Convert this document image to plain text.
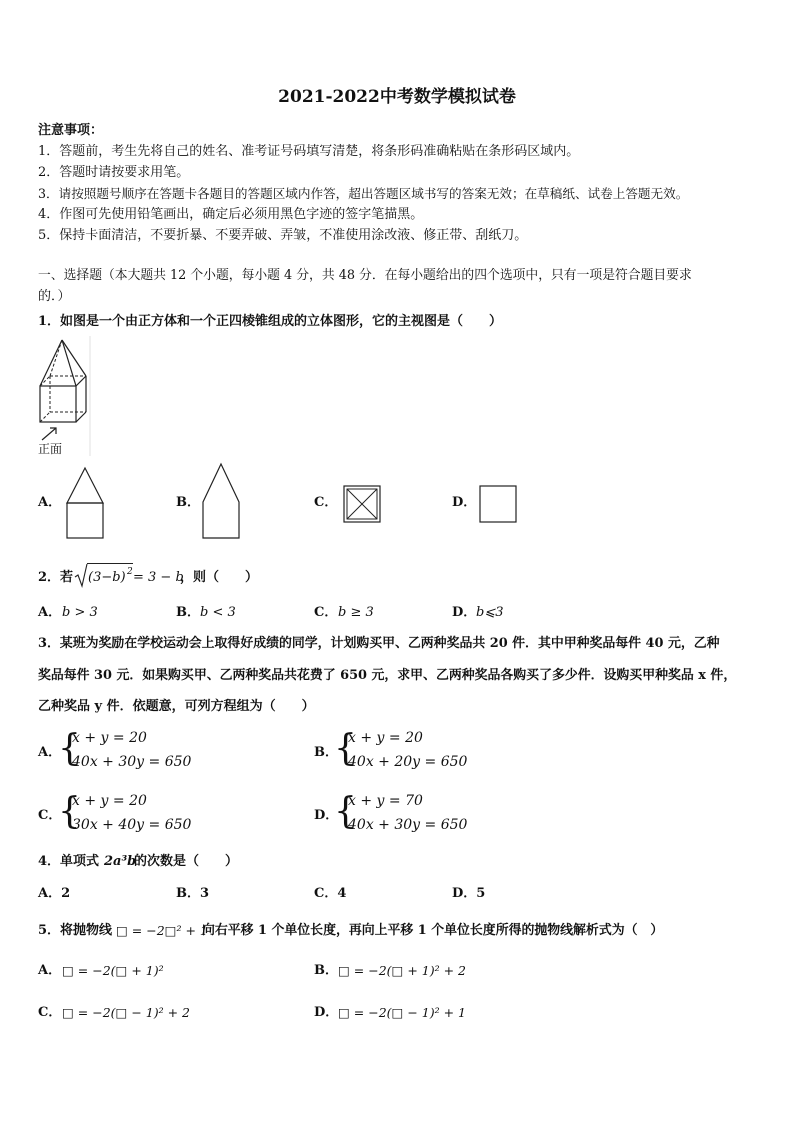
2021-2022中考数学模拟试卷
注意事项：
1．答题前，考生先将自己的姓名、准考证号码填写清楚，将条形码准确粘贴在条形码区域内。
2．答题时请按要求用笔。
3．请按照题号顺序在答题卡各题目的答题区域内作答，超出答题区域书写的答案无效；在草稿纸、试卷上答题无效。
4．作图可先使用铅笔画出，确定后必须用黑色字迹的签字笔描黑。
5．保持卡面清洁，不要折暴、不要弄破、弄皱，不准使用涂改液、修正带、刮纸刀。
一、选择题（本大题共 12 个小题，每小题 4 分，共 48 分．在每小题给出的四个选项中，只有一项是符合题目要求
的．）
1．如图是一个由正方体和一个正四棱锥组成的立体图形，它的主视图是（　　）
正面
A．	B．	C．	D．
2．若 (3−b) 2 = 3 − b
，则（　　）
A． b > 3	B． b < 3	C． b ≥ 3	D． b⩽3
3．某班为奖励在学校运动会上取得好成绩的同学，计划购买甲、乙两种奖品共 20 件．其中甲种奖品每件 40 元，乙种
奖品每件 30 元．如果购买甲、乙两种奖品共花费了 650 元，求甲、乙两种奖品各购买了多少件．设购买甲种奖品 x 件，
乙种奖品 y 件．依题意，可列方程组为（　　）
A．
{
x + y = 20
40x + 30y = 650
B．
{
x + y = 20
40x + 20y = 650
C．
{
x + y = 20
30x + 40y = 650
D．
{
x + y = 70
40x + 30y = 650
4．单项式 2a³b
的次数是（　　）
A．2	B．3	C．4	D．5
5．将抛物线 □ = −2□² + 1
向右平移 1 个单位长度，再向上平移 1 个单位长度所得的抛物线解析式为（　）
A． □ = −2(□ + 1)²	B． □ = −2(□ + 1)² + 2
C． □ = −2(□ − 1)² + 2	D． □ = −2(□ − 1)² + 1
